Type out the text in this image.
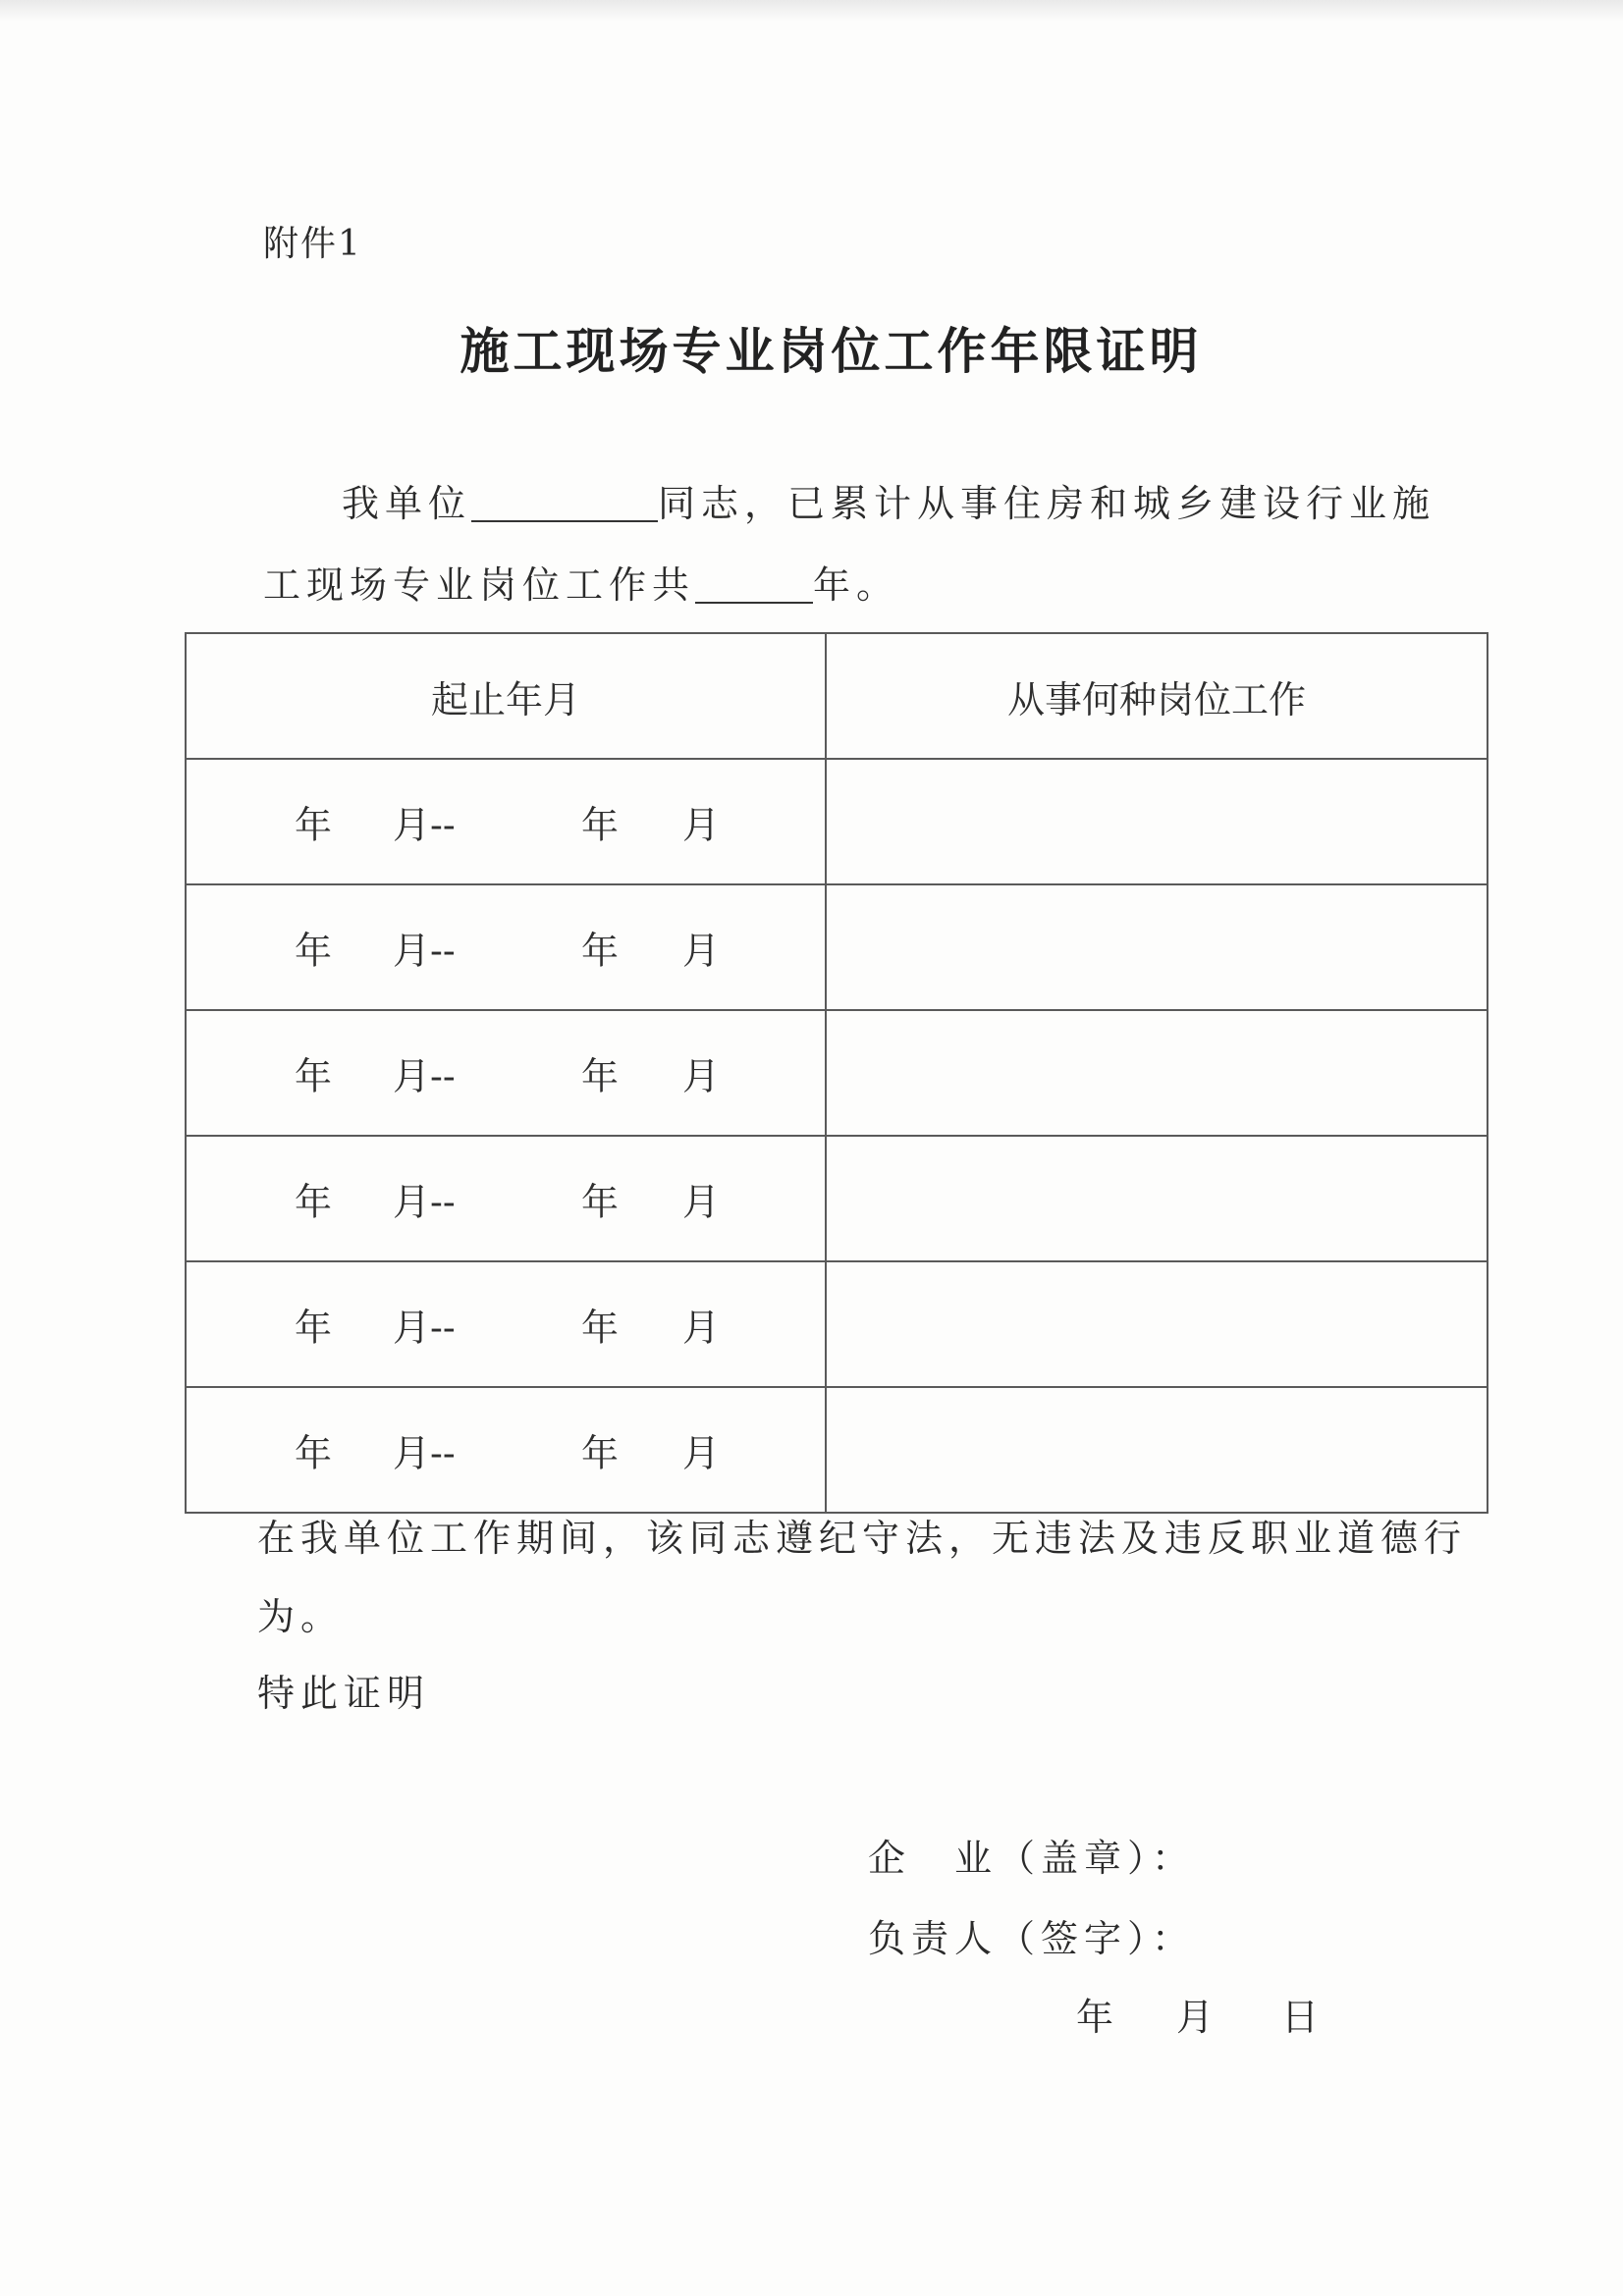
附件1
施工现场专业岗位工作年限证明
我单位	同志，已累计从事住房和城乡建设行业施
工现场专业岗位工作共	年。
起止年月	从事何种岗位工作

年 月-- 年 月	

年 月-- 年 月	

年 月-- 年 月	

年 月-- 年 月	

年 月-- 年 月	

年 月-- 年 月	

在我单位工作期间，该同志遵纪守法，无违法及违反职业道德行
为。
特此证明
企　业（盖章）：
负责人（签字）：
年 月 日
